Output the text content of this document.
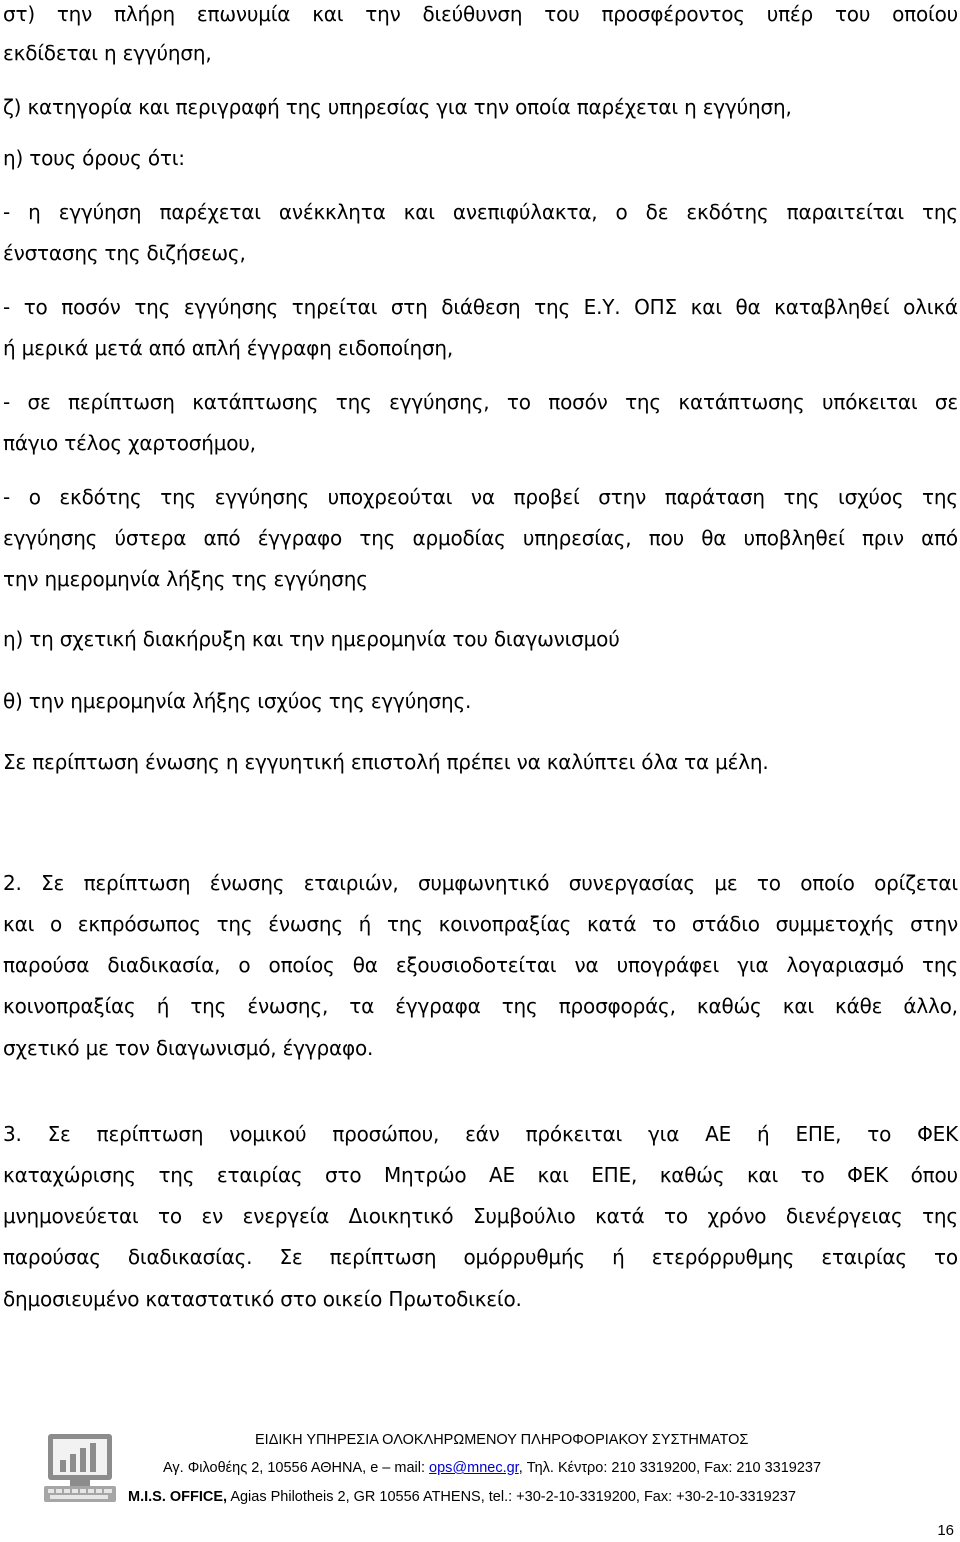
στ) την πλήρη επωνυμία και την διεύθυνση του προσφέροντος υπέρ του οποίου
εκδίδεται η εγγύηση,
ζ) κατηγορία και περιγραφή της υπηρεσίας για την οποία παρέχεται η εγγύηση,
η) τους όρους ότι:
- η εγγύηση παρέχεται ανέκκλητα και ανεπιφύλακτα, ο δε εκδότης παραιτείται της
ένστασης της διζήσεως,
- το ποσόν της εγγύησης τηρείται στη διάθεση της Ε.Υ. ΟΠΣ και θα καταβληθεί ολικά
ή μερικά μετά από απλή έγγραφη ειδοποίηση,
- σε περίπτωση κατάπτωσης της εγγύησης, το ποσόν της κατάπτωσης υπόκειται σε
πάγιο τέλος χαρτοσήμου,
- ο εκδότης της εγγύησης υποχρεούται να προβεί στην παράταση της ισχύος της
εγγύησης ύστερα από έγγραφο της αρμοδίας υπηρεσίας, που θα υποβληθεί πριν από
την ημερομηνία λήξης της εγγύησης
η) τη σχετική διακήρυξη και την ημερομηνία του διαγωνισμού
θ) την ημερομηνία λήξης ισχύος της εγγύησης.
Σε περίπτωση ένωσης η εγγυητική επιστολή πρέπει να καλύπτει όλα τα μέλη.
2. Σε περίπτωση ένωσης εταιριών, συμφωνητικό συνεργασίας με το οποίο ορίζεται
και ο εκπρόσωπος της ένωσης ή της κοινοπραξίας κατά το στάδιο συμμετοχής στην
παρούσα διαδικασία, ο οποίος θα εξουσιοδοτείται να υπογράφει για λογαριασμό της
κοινοπραξίας ή της ένωσης, τα έγγραφα της προσφοράς, καθώς και κάθε άλλο,
σχετικό με τον διαγωνισμό, έγγραφο.
3. Σε περίπτωση νομικού προσώπου, εάν πρόκειται για ΑΕ ή ΕΠΕ, το ΦΕΚ
καταχώρισης της εταιρίας στο Μητρώο ΑΕ και ΕΠΕ, καθώς και το ΦΕΚ όπου
μνημονεύεται το εν ενεργεία Διοικητικό Συμβούλιο κατά το χρόνο διενέργειας της
παρούσας διαδικασίας. Σε περίπτωση ομόρρυθμής ή ετερόρρυθμης εταιρίας το
δημοσιευμένο καταστατικό στο οικείο Πρωτοδικείο.
ΕΙΔΙΚΗ ΥΠΗΡΕΣΙΑ ΟΛΟΚΛΗΡΩΜΕΝΟΥ ΠΛΗΡΟΦΟΡΙΑΚΟΥ ΣΥΣΤΗΜΑΤΟΣ
Αγ. Φιλοθέης 2, 10556 ΑΘΗΝΑ, e – mail: ops@mnec.gr, Τηλ. Κέντρο: 210 3319200, Fax: 210 3319237
M.I.S. OFFICE, Agias Philotheis 2, GR 10556 ATHENS, tel.: +30-2-10-3319200, Fax: +30-2-10-3319237
16
